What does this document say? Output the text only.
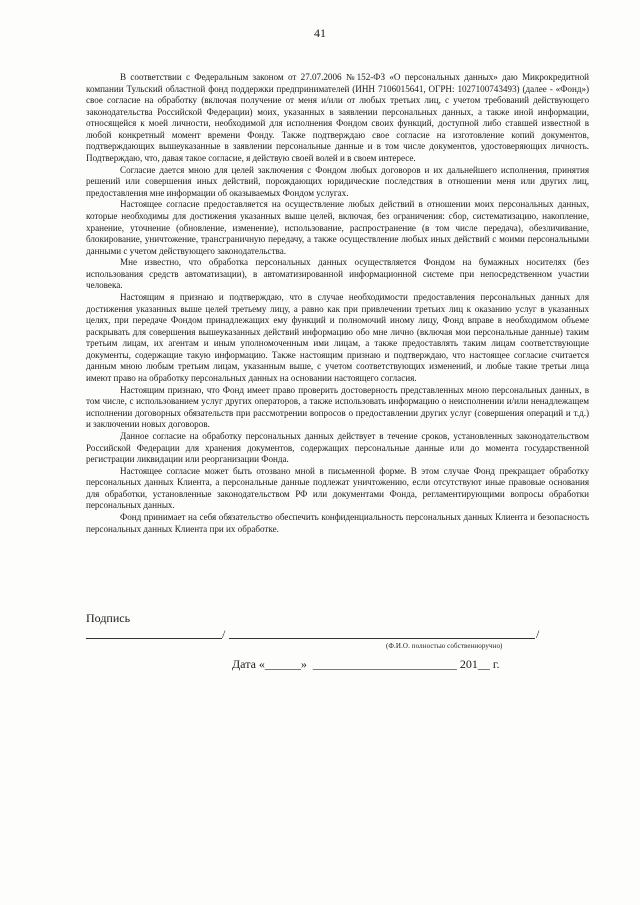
41

В соответствии с Федеральным законом от 27.07.2006 №152-ФЗ «О персональных данных» даю Микрокредитной компании Тульский областной фонд поддержки предпринимателей (ИНН 7106015641, ОГРН: 1027100743493) (далее - «Фонд») свое согласие на обработку (включая получение от меня и/или от любых третьих лиц, с учетом требований действующего законодательства Российской Федерации) моих, указанных в заявлении персональных данных, а также иной информации, относящейся к моей личности, необходимой для исполнения Фондом своих функций, доступной либо ставшей известной в любой конкретный момент времени Фонду. Также подтверждаю свое согласие на изготовление копий документов, подтверждающих вышеуказанные в заявлении персональные данные и в том числе документов, удостоверяющих личность. Подтверждаю, что, давая такое согласие, я действую своей волей и в своем интересе.

Согласие дается мною для целей заключения с Фондом любых договоров и их дальнейшего исполнения, принятия решений или совершения иных действий, порождающих юридические последствия в отношении меня или других лиц, предоставления мне информации об оказываемых Фондом услугах.

Настоящее согласие предоставляется на осуществление любых действий в отношении моих персональных данных, которые необходимы для достижения указанных выше целей, включая, без ограничения: сбор, систематизацию, накопление, хранение, уточнение (обновление, изменение), использование, распространение (в том числе передача), обезличивание, блокирование, уничтожение, трансграничную передачу, а также осуществление любых иных действий с моими персональными данными с учетом действующего законодательства.

Мне известно, что обработка персональных данных осуществляется Фондом на бумажных носителях (без использования средств автоматизации), в автоматизированной информационной системе при непосредственном участии человека.

Настоящим я признаю и подтверждаю, что в случае необходимости предоставления персональных данных для достижения указанных выше целей третьему лицу, а равно как при привлечении третьих лиц к оказанию услуг в указанных целях, при передаче Фондом принадлежащих ему функций и полномочий иному лицу, Фонд вправе в необходимом объеме раскрывать для совершения вышеуказанных действий информацию обо мне лично (включая мои персональные данные) таким третьим лицам, их агентам и иным уполномоченным ими лицам, а также предоставлять таким лицам соответствующие документы, содержащие такую информацию. Также настоящим признаю и подтверждаю, что настоящее согласие считается данным мною любым третьим лицам, указанным выше, с учетом соответствующих изменений, и любые такие третьи лица имеют право на обработку персональных данных на основании настоящего согласия.

Настоящим признаю, что Фонд имеет право проверить достоверность представленных мною персональных данных, в том числе, с использованием услуг других операторов, а также использовать информацию о неисполнении и/или ненадлежащем исполнении договорных обязательств при рассмотрении вопросов о предоставлении других услуг (совершения операций и т.д.) и заключении новых договоров.

Данное согласие на обработку персональных данных действует в течение сроков, установленных законодательством Российской Федерации для хранения документов, содержащих персональные данные или до момента государственной регистрации ликвидации или реорганизации Фонда.

Настоящее согласие может быть отозвано мной в письменной форме. В этом случае Фонд прекращает обработку персональных данных Клиента, а персональные данные подлежат уничтожению, если отсутствуют иные правовые основания для обработки, установленные законодательством РФ или документами Фонда, регламентирующими вопросы обработки персональных данных.

Фонд принимает на себя обязательство обеспечить конфиденциальность персональных данных Клиента и безопасность персональных данных Клиента при их обработке.

Подпись
/	/
(Ф.И.О. полностью собственноручно)
Дата «______»  ________________________ 201__ г.
